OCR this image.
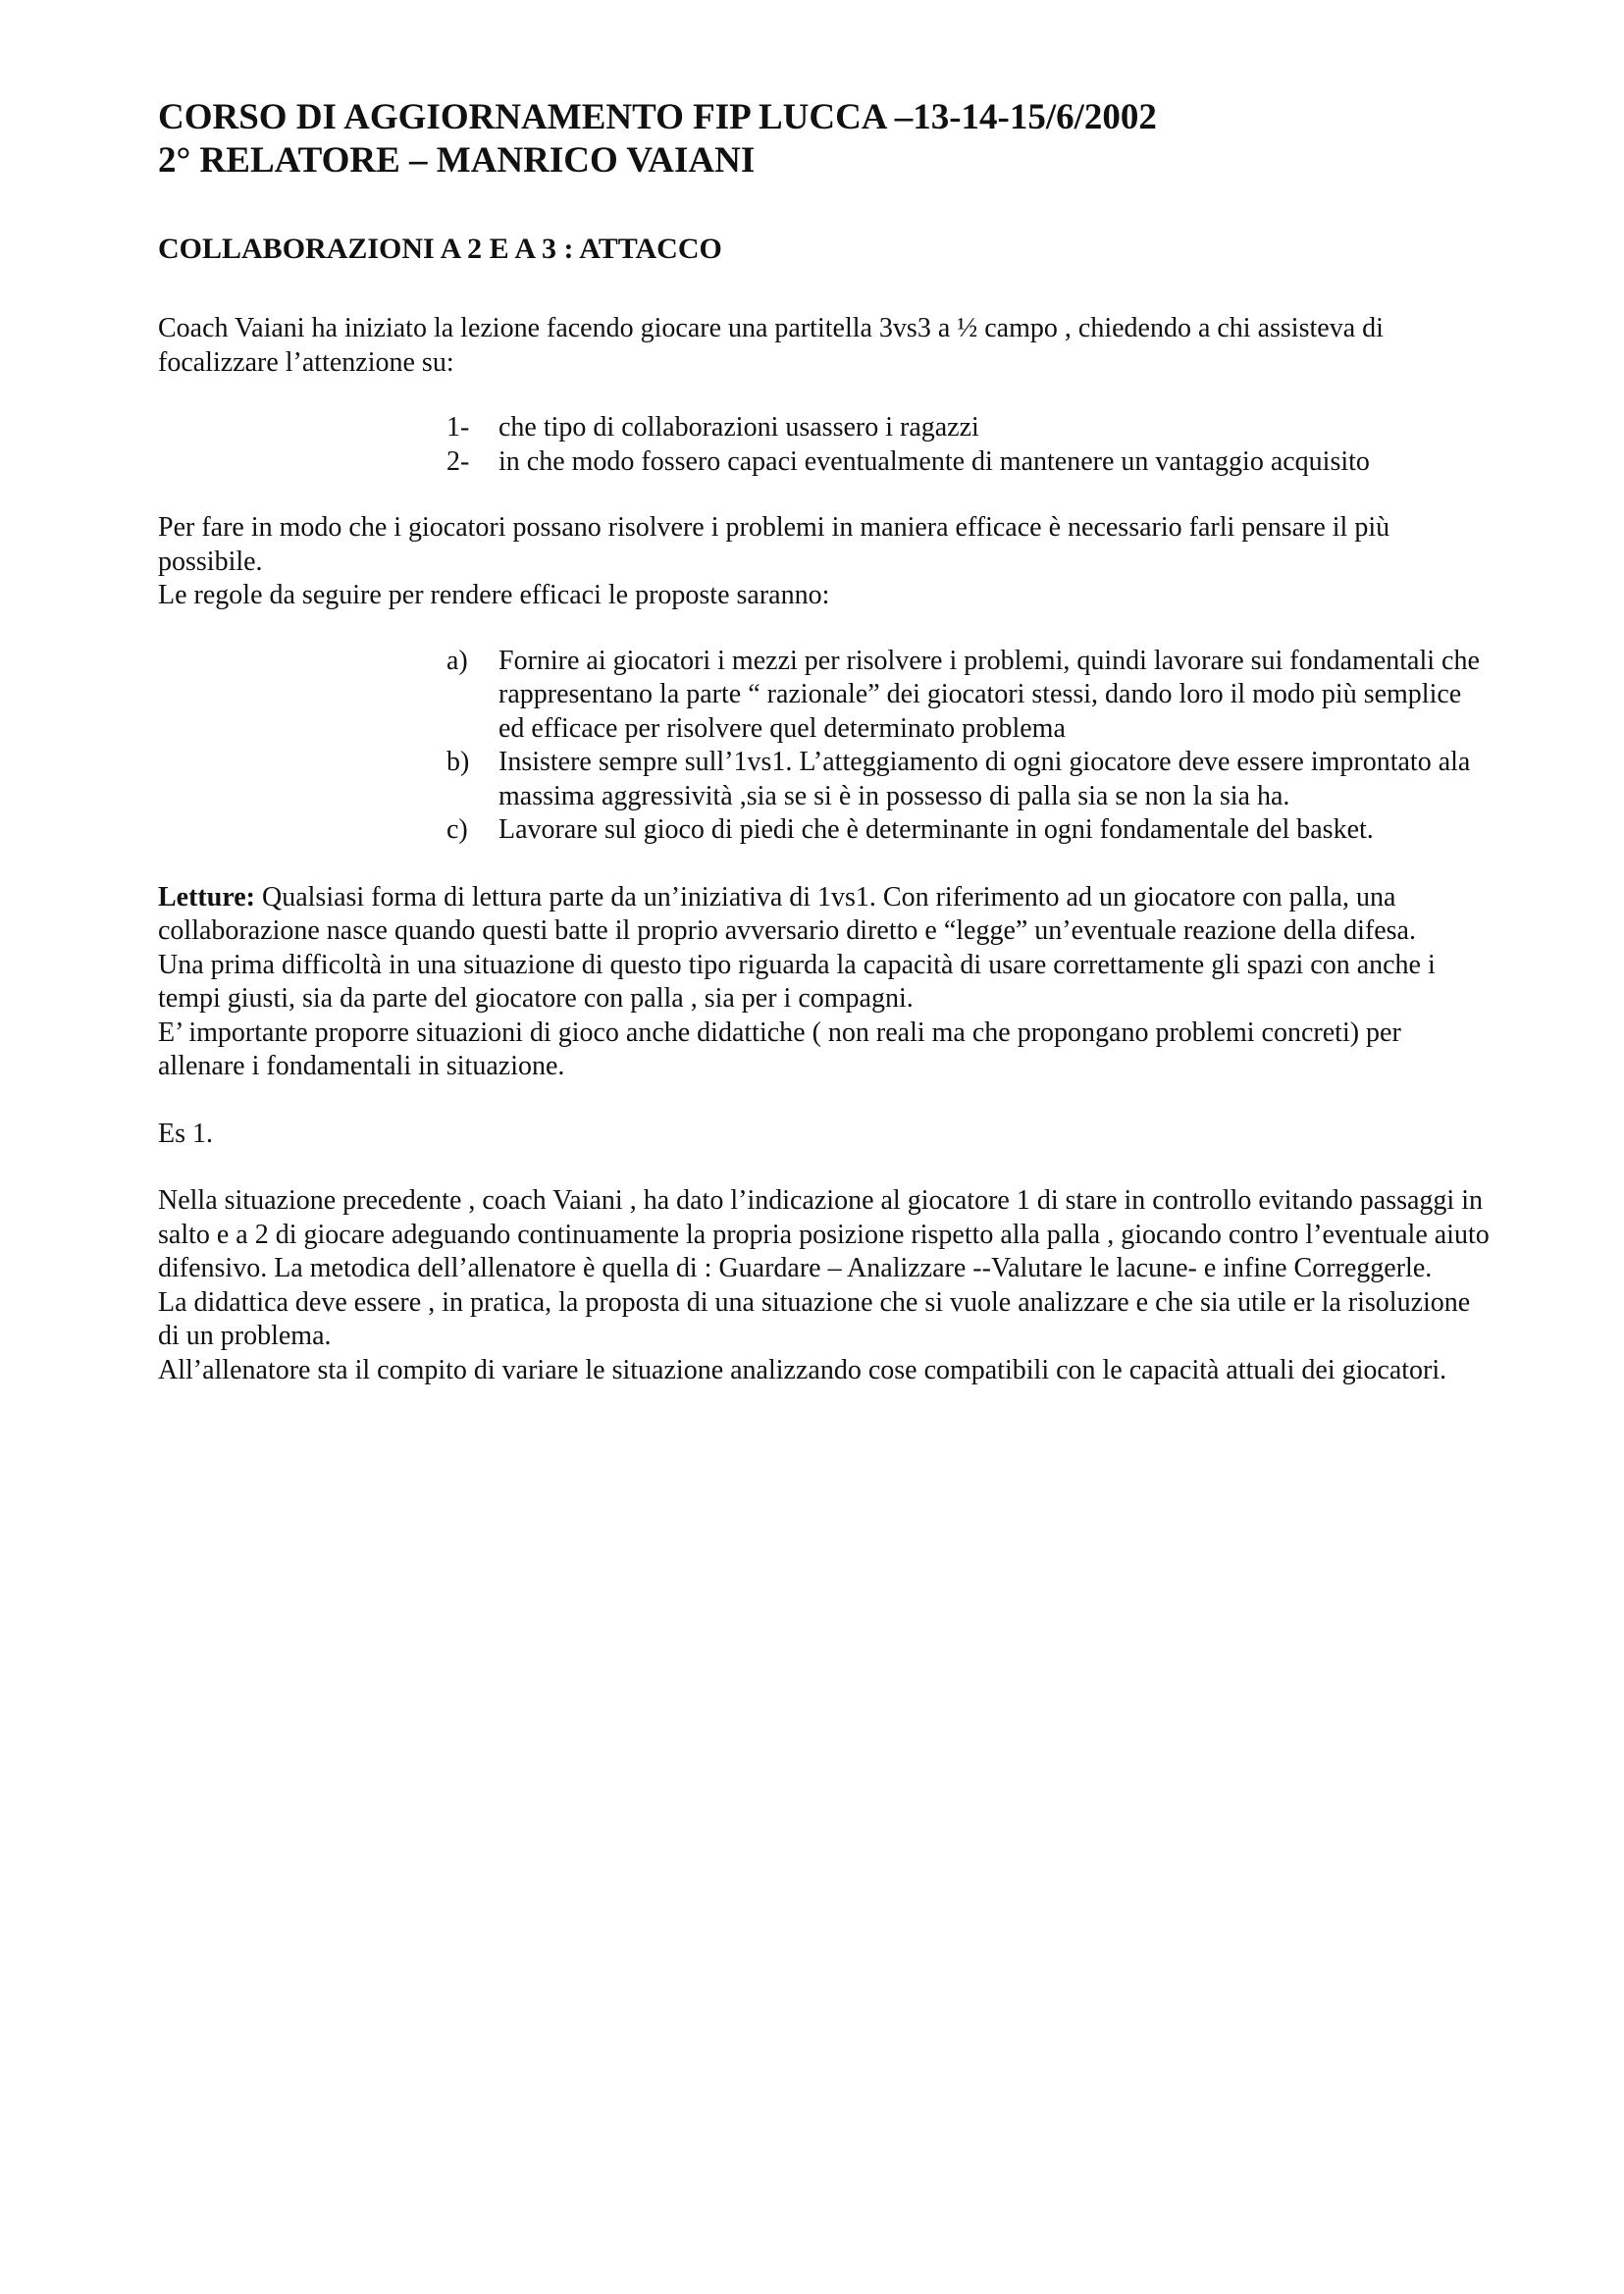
CORSO DI AGGIORNAMENTO FIP LUCCA –13-14-15/6/2002
2° RELATORE – MANRICO VAIANI
COLLABORAZIONI A 2 E A 3 : ATTACCO

Coach Vaiani ha iniziato la lezione facendo giocare una partitella 3vs3 a ½ campo , chiedendo a chi assisteva di focalizzare l’attenzione su:

1- che tipo di collaborazioni usassero i ragazzi
2- in che modo fossero capaci eventualmente di mantenere un vantaggio acquisito

Per fare in modo che i giocatori possano risolvere i problemi in maniera efficace è necessario farli pensare il più possibile.

Le regole da seguire per rendere efficaci le proposte saranno:

a) Fornire ai giocatori i mezzi per risolvere i problemi, quindi lavorare sui fondamentali che rappresentano la parte “ razionale” dei giocatori stessi, dando loro il modo più semplice ed efficace per risolvere quel determinato problema
b) Insistere sempre sull’1vs1. L’atteggiamento di ogni giocatore deve essere improntato ala massima aggressività ,sia se si è in possesso di palla sia se non la sia ha.
c) Lavorare sul gioco di piedi che è determinante in ogni fondamentale del basket.

Letture: Qualsiasi forma di lettura parte da un’iniziativa di 1vs1. Con riferimento ad un giocatore con palla, una collaborazione nasce quando questi batte il proprio avversario diretto e “legge” un’eventuale reazione della difesa.

Una prima difficoltà in una situazione di questo tipo riguarda la capacità di usare correttamente gli spazi con anche i tempi giusti, sia da parte del giocatore con palla , sia per i compagni.

E’ importante proporre situazioni di gioco anche didattiche ( non reali ma che propongano problemi concreti) per allenare i fondamentali in situazione.

Es 1.

Nella situazione precedente , coach Vaiani , ha dato l’indicazione al giocatore 1 di stare in controllo evitando passaggi in salto e a 2 di giocare adeguando continuamente la propria posizione rispetto alla palla , giocando contro l’eventuale aiuto difensivo. La metodica dell’allenatore è quella di : Guardare – Analizzare --Valutare le lacune- e infine Correggerle.

La didattica deve essere , in pratica, la proposta di una situazione che si vuole analizzare e che sia utile er la risoluzione di un problema.

All’allenatore sta il compito di variare le situazione analizzando cose compatibili con le capacità attuali dei giocatori.
